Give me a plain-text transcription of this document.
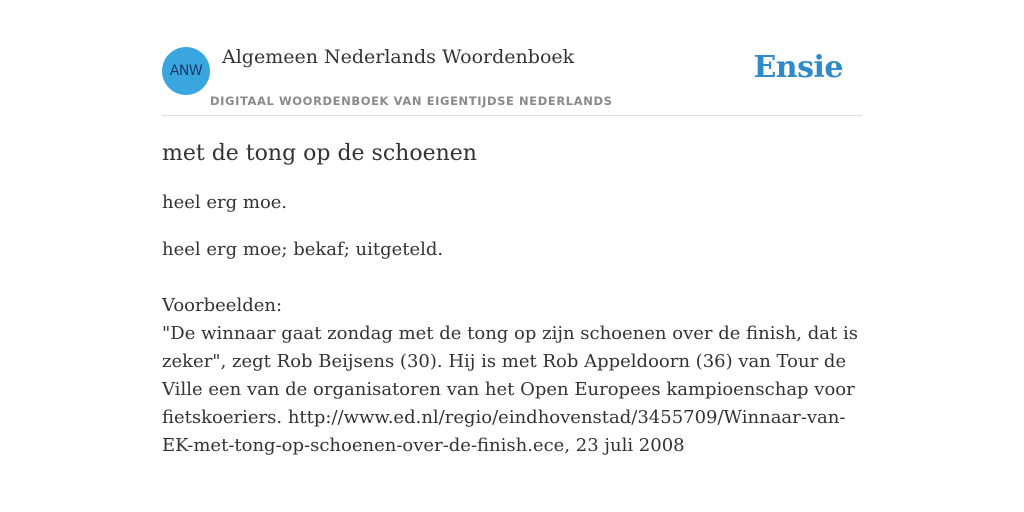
ANW
Algemeen Nederlands Woordenboek
DIGITAAL WOORDENBOEK VAN EIGENTIJDSE NEDERLANDS
Ensie
met de tong op de schoenen

heel erg moe.

heel erg moe; bekaf; uitgeteld.

Voorbeelden:
"De winnaar gaat zondag met de tong op zijn schoenen over de finish, dat is zeker", zegt Rob Beijsens (30). Hij is met Rob Appeldoorn (36) van Tour de Ville een van de organisatoren van het Open Europees kampioenschap voor fietskoeriers. http://www.ed.nl/regio/eindhovenstad/3455709/Winnaar-van-EK-met-tong-op-schoenen-over-de-finish.ece, 23 juli 2008
